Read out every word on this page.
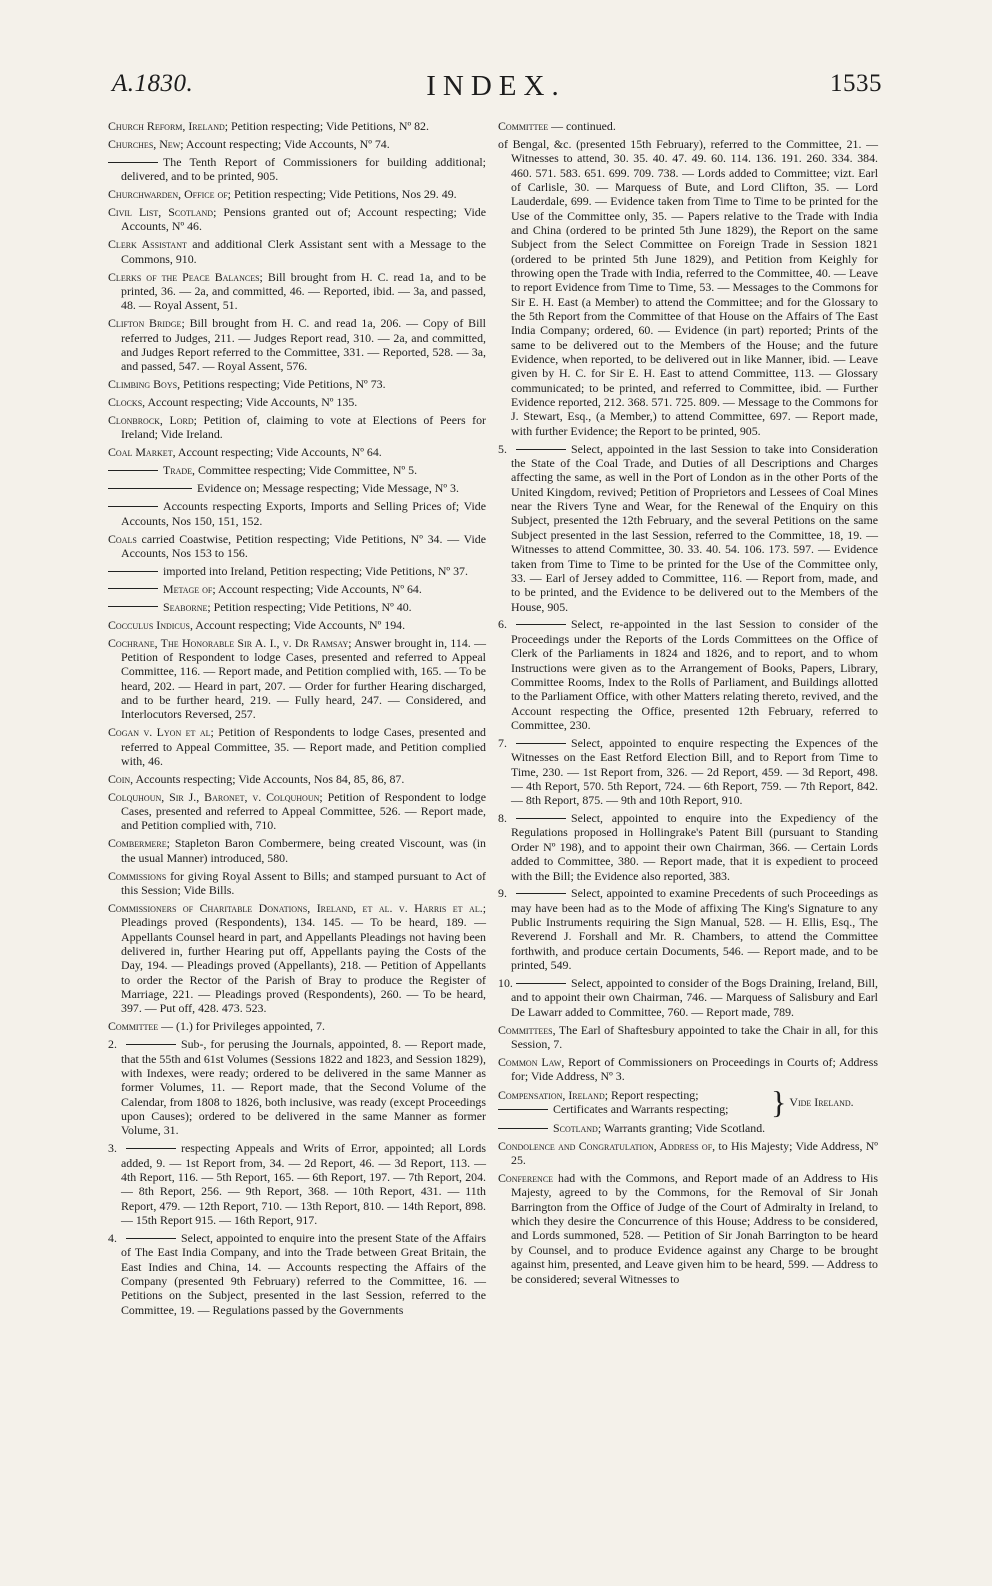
A.1830.	INDEX.	1535
Church Reform, Ireland; Petition respecting; Vide Petitions, Nº 82.
Churches, New; Account respecting; Vide Accounts, Nº 74.
The Tenth Report of Commissioners for building additional; delivered, and to be printed, 905.
Churchwarden, Office of; Petition respecting; Vide Petitions, Nos 29. 49.
Civil List, Scotland; Pensions granted out of; Account respecting; Vide Accounts, Nº 46.
Clerk Assistant and additional Clerk Assistant sent with a Message to the Commons, 910.
Clerks of the Peace Balances; Bill brought from H. C. read 1a, and to be printed, 36. — 2a, and committed, 46. — Reported, ibid. — 3a, and passed, 48. — Royal Assent, 51.
Clifton Bridge; Bill brought from H. C. and read 1a, 206. — Copy of Bill referred to Judges, 211. — Judges Report read, 310. — 2a, and committed, and Judges Report referred to the Committee, 331. — Reported, 528. — 3a, and passed, 547. — Royal Assent, 576.
Climbing Boys, Petitions respecting; Vide Petitions, Nº 73.
Clocks, Account respecting; Vide Accounts, Nº 135.
Clonbrock, Lord; Petition of, claiming to vote at Elections of Peers for Ireland; Vide Ireland.
Coal Market, Account respecting; Vide Accounts, Nº 64.
Trade, Committee respecting; Vide Committee, Nº 5.
Evidence on; Message respecting; Vide Message, Nº 3.
Accounts respecting Exports, Imports and Selling Prices of; Vide Accounts, Nos 150, 151, 152.
Coals carried Coastwise, Petition respecting; Vide Petitions, Nº 34. — Vide Accounts, Nos 153 to 156.
imported into Ireland, Petition respecting; Vide Petitions, Nº 37.
Metage of; Account respecting; Vide Accounts, Nº 64.
Seaborne; Petition respecting; Vide Petitions, Nº 40.
Cocculus Indicus, Account respecting; Vide Accounts, Nº 194.
Cochrane, The Honorable Sir A. I., v. Dr Ramsay; Answer brought in, 114. — Petition of Respondent to lodge Cases, presented and referred to Appeal Committee, 116. — Report made, and Petition complied with, 165. — To be heard, 202. — Heard in part, 207. — Order for further Hearing discharged, and to be further heard, 219. — Fully heard, 247. — Considered, and Interlocutors Reversed, 257.
Cogan v. Lyon et al; Petition of Respondents to lodge Cases, presented and referred to Appeal Committee, 35. — Report made, and Petition complied with, 46.
Coin, Accounts respecting; Vide Accounts, Nos 84, 85, 86, 87.
Colquhoun, Sir J., Baronet, v. Colquhoun; Petition of Respondent to lodge Cases, presented and referred to Appeal Committee, 526. — Report made, and Petition complied with, 710.
Combermere; Stapleton Baron Combermere, being created Viscount, was (in the usual Manner) introduced, 580.
Commissions for giving Royal Assent to Bills; and stamped pursuant to Act of this Session; Vide Bills.
Commissioners of Charitable Donations, Ireland, et al. v. Harris et al.; Pleadings proved (Respondents), 134. 145. — To be heard, 189. — Appellants Counsel heard in part, and Appellants Pleadings not having been delivered in, further Hearing put off, Appellants paying the Costs of the Day, 194. — Pleadings proved (Appellants), 218. — Petition of Appellants to order the Rector of the Parish of Bray to produce the Register of Marriage, 221. — Pleadings proved (Respondents), 260. — To be heard, 397. — Put off, 428. 473. 523.
Committee — (1.) for Privileges appointed, 7.
2.	Sub-, for perusing the Journals, appointed, 8. — Report made, that the 55th and 61st Volumes (Sessions 1822 and 1823, and Session 1829), with Indexes, were ready; ordered to be delivered in the same Manner as former Volumes, 11. — Report made, that the Second Volume of the Calendar, from 1808 to 1826, both inclusive, was ready (except Proceedings upon Causes); ordered to be delivered in the same Manner as former Volume, 31.
3.	respecting Appeals and Writs of Error, appointed; all Lords added, 9. — 1st Report from, 34. — 2d Report, 46. — 3d Report, 113. — 4th Report, 116. — 5th Report, 165. — 6th Report, 197. — 7th Report, 204. — 8th Report, 256. — 9th Report, 368. — 10th Report, 431. — 11th Report, 479. — 12th Report, 710. — 13th Report, 810. — 14th Report, 898. — 15th Report 915. — 16th Report, 917.
4.	Select, appointed to enquire into the present State of the Affairs of The East India Company, and into the Trade between Great Britain, the East Indies and China, 14. — Accounts respecting the Affairs of the Company (presented 9th February) referred to the Committee, 16. — Petitions on the Subject, presented in the last Session, referred to the Committee, 19. — Regulations passed by the Governments
Committee — continued.
of Bengal, &c. (presented 15th February), referred to the Committee, 21. — Witnesses to attend, 30. 35. 40. 47. 49. 60. 114. 136. 191. 260. 334. 384. 460. 571. 583. 651. 699. 709. 738. — Lords added to Committee; vizt. Earl of Carlisle, 30. — Marquess of Bute, and Lord Clifton, 35. — Lord Lauderdale, 699. — Evidence taken from Time to Time to be printed for the Use of the Committee only, 35. — Papers relative to the Trade with India and China (ordered to be printed 5th June 1829), the Report on the same Subject from the Select Committee on Foreign Trade in Session 1821 (ordered to be printed 5th June 1829), and Petition from Keighly for throwing open the Trade with India, referred to the Committee, 40. — Leave to report Evidence from Time to Time, 53. — Messages to the Commons for Sir E. H. East (a Member) to attend the Committee; and for the Glossary to the 5th Report from the Committee of that House on the Affairs of The East India Company; ordered, 60. — Evidence (in part) reported; Prints of the same to be delivered out to the Members of the House; and the future Evidence, when reported, to be delivered out in like Manner, ibid. — Leave given by H. C. for Sir E. H. East to attend Committee, 113. — Glossary communicated; to be printed, and referred to Committee, ibid. — Further Evidence reported, 212. 368. 571. 725. 809. — Message to the Commons for J. Stewart, Esq., (a Member,) to attend Committee, 697. — Report made, with further Evidence; the Report to be printed, 905.
5.	Select, appointed in the last Session to take into Consideration the State of the Coal Trade, and Duties of all Descriptions and Charges affecting the same, as well in the Port of London as in the other Ports of the United Kingdom, revived; Petition of Proprietors and Lessees of Coal Mines near the Rivers Tyne and Wear, for the Renewal of the Enquiry on this Subject, presented the 12th February, and the several Petitions on the same Subject presented in the last Session, referred to the Committee, 18, 19. — Witnesses to attend Committee, 30. 33. 40. 54. 106. 173. 597. — Evidence taken from Time to Time to be printed for the Use of the Committee only, 33. — Earl of Jersey added to Committee, 116. — Report from, made, and to be printed, and the Evidence to be delivered out to the Members of the House, 905.
6.	Select, re-appointed in the last Session to consider of the Proceedings under the Reports of the Lords Committees on the Office of Clerk of the Parliaments in 1824 and 1826, and to report, and to whom Instructions were given as to the Arrangement of Books, Papers, Library, Committee Rooms, Index to the Rolls of Parliament, and Buildings allotted to the Parliament Office, with other Matters relating thereto, revived, and the Account respecting the Office, presented 12th February, referred to Committee, 230.
7.	Select, appointed to enquire respecting the Expences of the Witnesses on the East Retford Election Bill, and to Report from Time to Time, 230. — 1st Report from, 326. — 2d Report, 459. — 3d Report, 498. — 4th Report, 570. 5th Report, 724. — 6th Report, 759. — 7th Report, 842. — 8th Report, 875. — 9th and 10th Report, 910.
8.	Select, appointed to enquire into the Expediency of the Regulations proposed in Hollingrake's Patent Bill (pursuant to Standing Order Nº 198), and to appoint their own Chairman, 366. — Certain Lords added to Committee, 380. — Report made, that it is expedient to proceed with the Bill; the Evidence also reported, 383.
9.	Select, appointed to examine Precedents of such Proceedings as may have been had as to the Mode of affixing The King's Signature to any Public Instruments requiring the Sign Manual, 528. — H. Ellis, Esq., The Reverend J. Forshall and Mr. R. Chambers, to attend the Committee forthwith, and produce certain Documents, 546. — Report made, and to be printed, 549.
10.	Select, appointed to consider of the Bogs Draining, Ireland, Bill, and to appoint their own Chairman, 746. — Marquess of Salisbury and Earl De Lawarr added to Committee, 760. — Report made, 789.
Committees, The Earl of Shaftesbury appointed to take the Chair in all, for this Session, 7.
Common Law, Report of Commissioners on Proceedings in Courts of; Address for; Vide Address, Nº 3.
Compensation, Ireland; Report respecting;
Certificates and Warrants respecting;	} Vide Ireland.
Scotland; Warrants granting; Vide Scotland.
Condolence and Congratulation, Address of, to His Majesty; Vide Address, Nº 25.
Conference had with the Commons, and Report made of an Address to His Majesty, agreed to by the Commons, for the Removal of Sir Jonah Barrington from the Office of Judge of the Court of Admiralty in Ireland, to which they desire the Concurrence of this House; Address to be considered, and Lords summoned, 528. — Petition of Sir Jonah Barrington to be heard by Counsel, and to produce Evidence against any Charge to be brought against him, presented, and Leave given him to be heard, 599. — Address to be considered; several Witnesses to
